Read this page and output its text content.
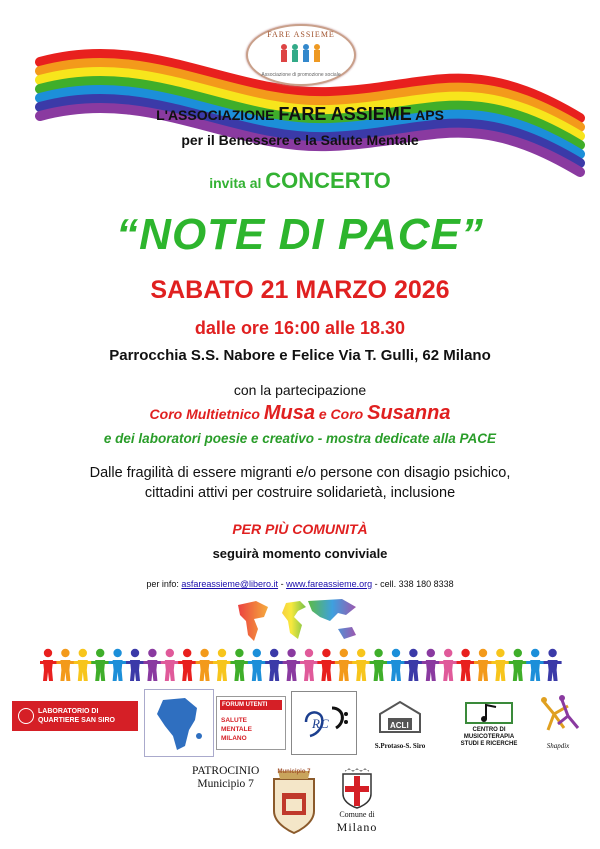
FARE ASSIEME
Associazione di promozione sociale
L'ASSOCIAZIONE FARE ASSIEME APS
per il Benessere e la Salute Mentale
invita al CONCERTO
“NOTE DI PACE”
SABATO 21 MARZO 2026
dalle ore 16:00 alle 18.30
Parrocchia S.S. Nabore e Felice Via T. Gulli, 62 Milano
con la partecipazione
Coro Multietnico Musa e Coro Susanna
e dei laboratori poesie e creativo - mostra dedicate alla PACE
Dalle fragilità di essere migranti e/o persone con disagio psichico,
cittadini attivi per costruire solidarietà, inclusione
PER PIÙ COMUNITÀ
seguirà momento conviviale
per info: asfareassieme@libero.it - www.fareassieme.org - cell. 338 180 8338
LABORATORIO DI QUARTIERE SAN SIRO
FORUM UTENTI
SALUTE
MENTALE
MILANO
RC	ACLI
S.Protaso-S. Siro
CENTRO DI
MUSICOTERAPIA
STUDI E RICERCHE	Shapdix
PATROCINIO
Municipio 7
Municipio 7
Comune di
Milano
